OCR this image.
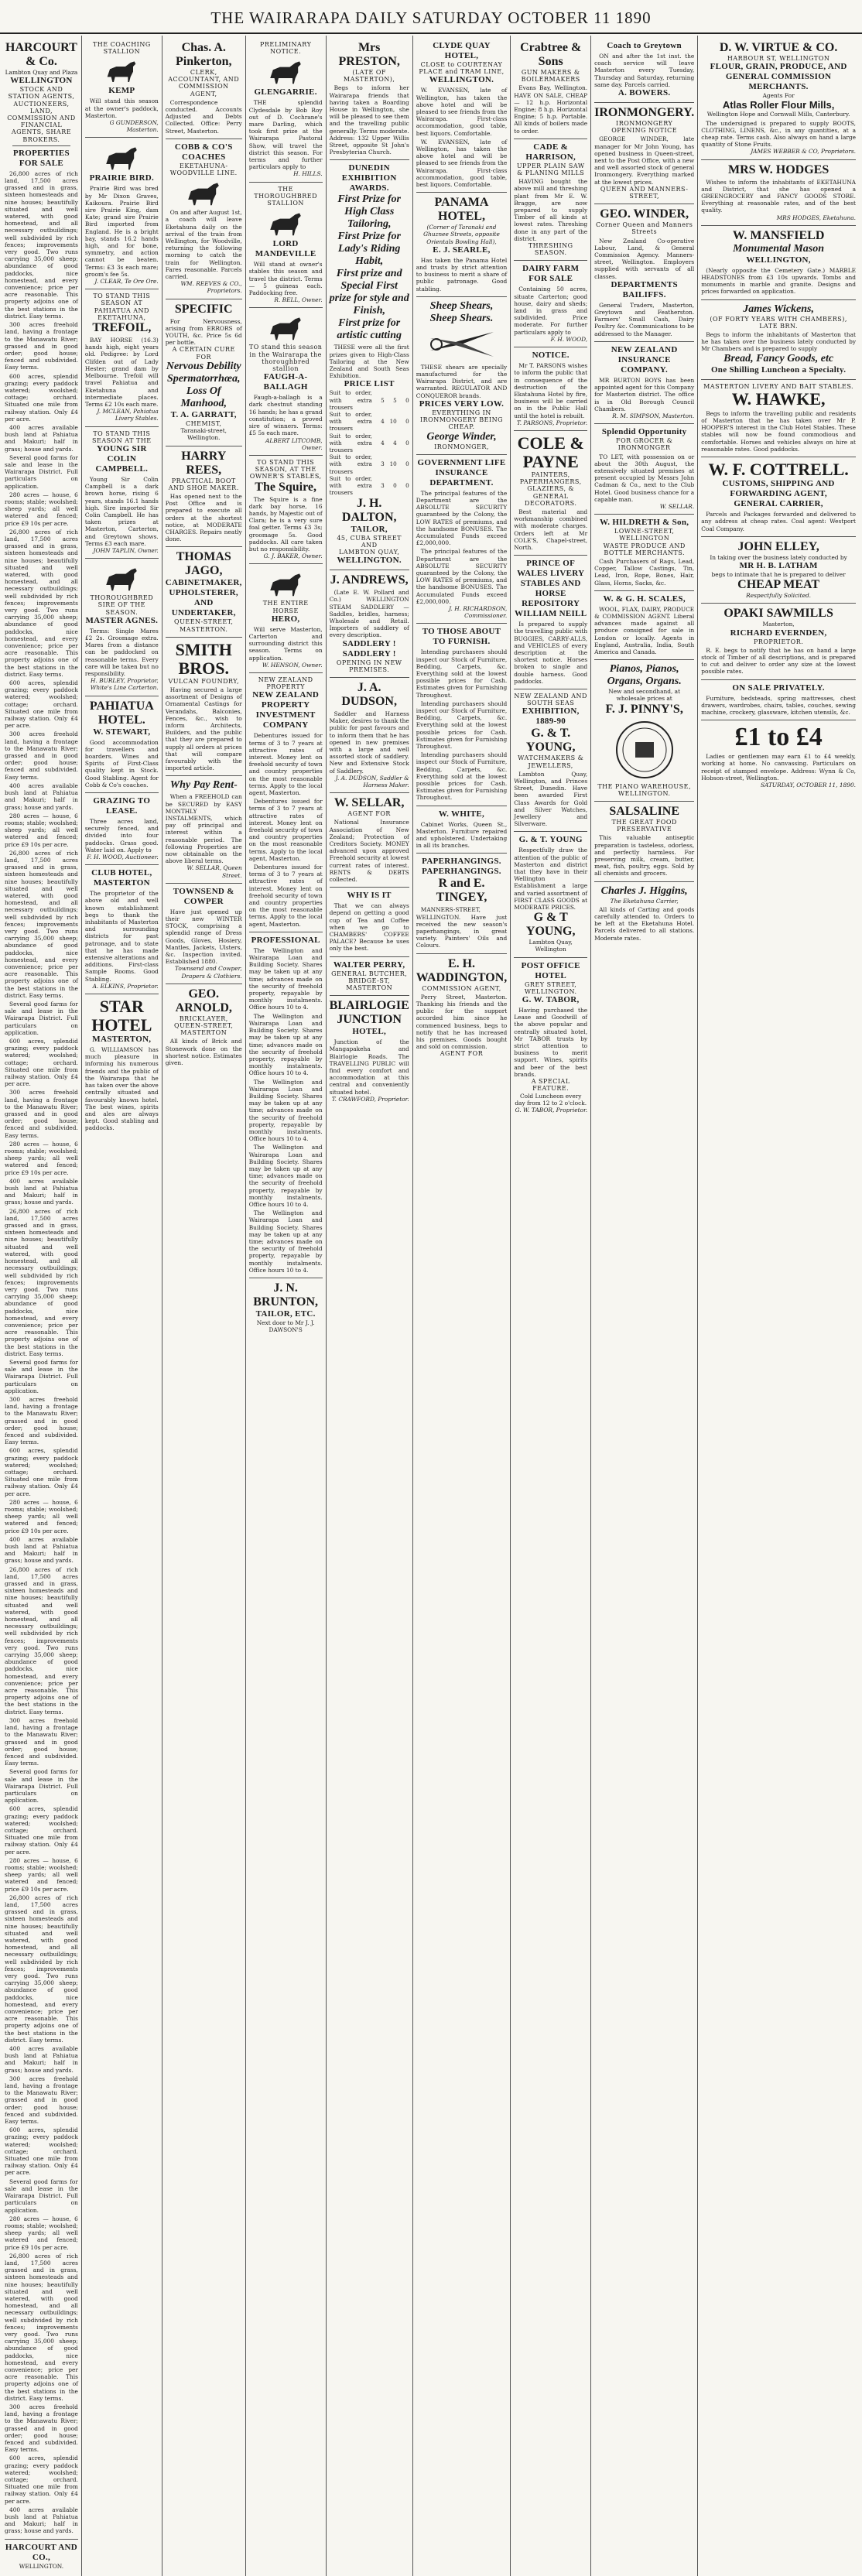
THE WAIRARAPA DAILY SATURDAY OCTOBER 11 1890
HARCOURT & Co.
Lambton Quay and Plaza
WELLINGTON
STOCK AND STATION AGENTS, AUCTIONEERS,
LAND, COMMISSION AND FINANCIAL AGENTS, SHARE BROKERS.
PROPERTIES FOR SALE
26,800 acres of rich land, 17,500 acres grassed and in grass, sixteen homesteads and nine houses; beautifully situated and well watered, with good homestead, and all necessary outbuildings; well subdivided by rich fences; improvements very good. Two runs carrying 35,000 sheep; abundance of good paddocks, nice homestead, and every convenience; price per acre reasonable. This property adjoins one of the best stations in the district. Easy terms.
300 acres freehold land, having a frontage to the Manawatu River; grassed and in good order; good house; fenced and subdivided. Easy terms.
600 acres, splendid grazing; every paddock watered; woolshed; cottage; orchard. Situated one mile from railway station. Only £4 per acre.
400 acres available bush land at Pahiatua and Makuri; half in grass; house and yards.
Several good farms for sale and lease in the Wairarapa District. Full particulars on application.
280 acres — house, 6 rooms; stable; woolshed; sheep yards; all well watered and fenced; price £9 10s per acre.
26,800 acres of rich land, 17,500 acres grassed and in grass, sixteen homesteads and nine houses; beautifully situated and well watered, with good homestead, and all necessary outbuildings; well subdivided by rich fences; improvements very good. Two runs carrying 35,000 sheep; abundance of good paddocks, nice homestead, and every convenience; price per acre reasonable. This property adjoins one of the best stations in the district. Easy terms.
600 acres, splendid grazing; every paddock watered; woolshed; cottage; orchard. Situated one mile from railway station. Only £4 per acre.
300 acres freehold land, having a frontage to the Manawatu River; grassed and in good order; good house; fenced and subdivided. Easy terms.
400 acres available bush land at Pahiatua and Makuri; half in grass; house and yards.
280 acres — house, 6 rooms; stable; woolshed; sheep yards; all well watered and fenced; price £9 10s per acre.
26,800 acres of rich land, 17,500 acres grassed and in grass, sixteen homesteads and nine houses; beautifully situated and well watered, with good homestead, and all necessary outbuildings; well subdivided by rich fences; improvements very good. Two runs carrying 35,000 sheep; abundance of good paddocks, nice homestead, and every convenience; price per acre reasonable. This property adjoins one of the best stations in the district. Easy terms.
Several good farms for sale and lease in the Wairarapa District. Full particulars on application.
600 acres, splendid grazing; every paddock watered; woolshed; cottage; orchard. Situated one mile from railway station. Only £4 per acre.
300 acres freehold land, having a frontage to the Manawatu River; grassed and in good order; good house; fenced and subdivided. Easy terms.
280 acres — house, 6 rooms; stable; woolshed; sheep yards; all well watered and fenced; price £9 10s per acre.
400 acres available bush land at Pahiatua and Makuri; half in grass; house and yards.
26,800 acres of rich land, 17,500 acres grassed and in grass, sixteen homesteads and nine houses; beautifully situated and well watered, with good homestead, and all necessary outbuildings; well subdivided by rich fences; improvements very good. Two runs carrying 35,000 sheep; abundance of good paddocks, nice homestead, and every convenience; price per acre reasonable. This property adjoins one of the best stations in the district. Easy terms.
Several good farms for sale and lease in the Wairarapa District. Full particulars on application.
300 acres freehold land, having a frontage to the Manawatu River; grassed and in good order; good house; fenced and subdivided. Easy terms.
600 acres, splendid grazing; every paddock watered; woolshed; cottage; orchard. Situated one mile from railway station. Only £4 per acre.
280 acres — house, 6 rooms; stable; woolshed; sheep yards; all well watered and fenced; price £9 10s per acre.
400 acres available bush land at Pahiatua and Makuri; half in grass; house and yards.
26,800 acres of rich land, 17,500 acres grassed and in grass, sixteen homesteads and nine houses; beautifully situated and well watered, with good homestead, and all necessary outbuildings; well subdivided by rich fences; improvements very good. Two runs carrying 35,000 sheep; abundance of good paddocks, nice homestead, and every convenience; price per acre reasonable. This property adjoins one of the best stations in the district. Easy terms.
300 acres freehold land, having a frontage to the Manawatu River; grassed and in good order; good house; fenced and subdivided. Easy terms.
Several good farms for sale and lease in the Wairarapa District. Full particulars on application.
600 acres, splendid grazing; every paddock watered; woolshed; cottage; orchard. Situated one mile from railway station. Only £4 per acre.
280 acres — house, 6 rooms; stable; woolshed; sheep yards; all well watered and fenced; price £9 10s per acre.
26,800 acres of rich land, 17,500 acres grassed and in grass, sixteen homesteads and nine houses; beautifully situated and well watered, with good homestead, and all necessary outbuildings; well subdivided by rich fences; improvements very good. Two runs carrying 35,000 sheep; abundance of good paddocks, nice homestead, and every convenience; price per acre reasonable. This property adjoins one of the best stations in the district. Easy terms.
400 acres available bush land at Pahiatua and Makuri; half in grass; house and yards.
300 acres freehold land, having a frontage to the Manawatu River; grassed and in good order; good house; fenced and subdivided. Easy terms.
600 acres, splendid grazing; every paddock watered; woolshed; cottage; orchard. Situated one mile from railway station. Only £4 per acre.
Several good farms for sale and lease in the Wairarapa District. Full particulars on application.
280 acres — house, 6 rooms; stable; woolshed; sheep yards; all well watered and fenced; price £9 10s per acre.
26,800 acres of rich land, 17,500 acres grassed and in grass, sixteen homesteads and nine houses; beautifully situated and well watered, with good homestead, and all necessary outbuildings; well subdivided by rich fences; improvements very good. Two runs carrying 35,000 sheep; abundance of good paddocks, nice homestead, and every convenience; price per acre reasonable. This property adjoins one of the best stations in the district. Easy terms.
300 acres freehold land, having a frontage to the Manawatu River; grassed and in good order; good house; fenced and subdivided. Easy terms.
600 acres, splendid grazing; every paddock watered; woolshed; cottage; orchard. Situated one mile from railway station. Only £4 per acre.
400 acres available bush land at Pahiatua and Makuri; half in grass; house and yards.
HARCOURT AND CO.,
WELLINGTON.
THE COACHING STALLION
KEMP
Will stand this season at the owner's paddock, Masterton.
G GUNDERSON, Masterton.
PRAIRIE BIRD.
Prairie Bird was bred by Mr Dixon Graves, Kaikoura. Prairie Bird sire Prairie King, dam Kate; grand sire Prairie Bird imported from England. He is a bright bay, stands 16.2 hands high, and for bone, symmetry, and action cannot be beaten. Terms: £3 3s each mare; groom's fee 5s.
J. CLEAR, Te Ore Ore.
TO STAND THIS SEASON AT PAHIATUA AND EKETAHUNA,
TREFOIL,
BAY HORSE (16.3) hands high, eight years old. Pedigree: by Lord Clifden out of Lady Hester; grand dam by Melbourne. Trefoil will travel Pahiatua and Eketahuna and intermediate places. Terms £2 10s each mare.
J. MCLEAN, Pahiatua Livery Stables.
TO STAND THIS SEASON AT THE
YOUNG SIR COLIN CAMPBELL.
Young Sir Colin Campbell is a dark brown horse, rising 6 years, stands 16.1 hands high. Sire imported Sir Colin Campbell. He has taken prizes at Masterton, Carterton, and Greytown shows. Terms £3 each mare.
JOHN TAPLIN, Owner.
THOROUGHBRED SIRE OF THE SEASON.
MASTER AGNES.
Terms: Single Mares £2 2s. Groomage extra. Mares from a distance can be paddocked on reasonable terms. Every care will be taken but no responsibility.
H. BURLEY, Proprietor, White's Line Carterton.
PAHIATUA HOTEL.
W. STEWART,
Good accommodation for travellers and boarders. Wines and Spirits of First-Class quality kept in Stock. Good Stabling. Agent for Cobb & Co's coaches.
GRAZING TO LEASE.
Three acres land, securely fenced, and divided into four paddocks. Grass good. Water laid on. Apply to
F. H. WOOD, Auctioneer.
CLUB HOTEL, MASTERTON
The proprietor of the above old and well known establishment begs to thank the inhabitants of Masterton and surrounding districts for past patronage, and to state that he has made extensive alterations and additions. First-class Sample Rooms. Good Stabling.
A. ELKINS, Proprietor.
STAR HOTEL
MASTERTON,
G. WILLIAMSON has much pleasure in informing his numerous friends and the public of the Wairarapa that he has taken over the above centrally situated and favourably known hotel. The best wines, spirits and ales are always kept. Good stabling and paddocks.
Chas. A. Pinkerton,
CLERK, ACCOUNTANT, AND COMMISSION AGENT,
Correspondence conducted. Accounts Adjusted and Debts Collected. Office: Perry Street, Masterton.
COBB & CO'S COACHES
EKETAHUNA-WOODVILLE LINE.
On and after August 1st, a coach will leave Eketahuna daily on the arrival of the train from Wellington, for Woodville, returning the following morning to catch the train for Wellington. Fares reasonable. Parcels carried.
WM. REEVES & CO., Proprietors.
SPECIFIC
For Nervousness, arising from ERRORS of YOUTH, &c. Price 5s 6d per bottle.
A CERTAIN CURE FOR
Nervous Debility
Spermatorrhœa,
Loss Of Manhood,
T. A. GARRATT,
CHEMIST,
Taranaki-street, Wellington.
HARRY REES,
PRACTICAL BOOT AND SHOE MAKER.
Has opened next to the Post Office and is prepared to execute all orders at the shortest notice, at MODERATE CHARGES. Repairs neatly done.
THOMAS JAGO,
CABINETMAKER,
UPHOLSTERER,
AND UNDERTAKER,
QUEEN-STREET, MASTERTON.
SMITH BROS.
VULCAN FOUNDRY,
Having secured a large assortment of Designs of Ornamental Castings for Verandahs, Balconies, Fences, &c., wish to inform Architects, Builders, and the public that they are prepared to supply all orders at prices that will compare favourably with the imported article.
Why Pay Rent-
When a FREEHOLD can be SECURED by EASY MONTHLY INSTALMENTS, which pay off principal and interest within a reasonable period. The following Properties are now obtainable on the above liberal terms.
W. SELLAR, Queen Street.
TOWNSEND & COWPER
Have just opened up their new WINTER STOCK, comprising a splendid range of Dress Goods, Gloves, Hosiery, Mantles, Jackets, Ulsters, &c. Inspection invited. Established 1880.
Townsend and Cowper, Drapers & Clothiers.
GEO. ARNOLD,
BRICKLAYER,
QUEEN-STREET, MASTERTON
All kinds of Brick and Stonework done on the shortest notice. Estimates given.
PRELIMINARY NOTICE.
GLENGARRIE.
THE splendid Clydesdale by Bob Roy out of D. Cochrane's mare Darling, which took first prize at the Wairarapa Pastoral Show, will travel the district this season. For terms and further particulars apply to
H. HILLS.
THE THOROUGHBRED STALLION
LORD MANDEVILLE
Will stand at owner's stables this season and travel the district. Terms — 5 guineas each. Paddocking free.
R. BELL, Owner.
TO stand this season in the Wairarapa the thoroughbred stallion
FAUGH-A-BALLAGH
Faugh-a-ballagh is a dark chestnut standing 16 hands; he has a grand constitution; a proved sire of winners. Terms: £5 5s each mare.
ALBERT LITCOMB, Owner.
TO STAND THIS SEASON, AT THE OWNER'S STABLES,
The Squire,
The Squire is a fine dark bay horse, 16 hands, by Majestic out of Clara; he is a very sure foal getter. Terms £3 3s; groomage 5s. Good paddocks. All care taken but no responsibility.
G. J. BAKER, Owner.
THE ENTIRE HORSE
HERO,
Will serve Masterton, Carterton and surrounding district this season. Terms on application.
W. HENSON, Owner.
NEW ZEALAND PROPERTY
NEW ZEALAND PROPERTY INVESTMENT COMPANY
Debentures issued for terms of 3 to 7 years at attractive rates of interest. Money lent on freehold security of town and country properties on the most reasonable terms. Apply to the local agent, Masterton.
Debentures issued for terms of 3 to 7 years at attractive rates of interest. Money lent on freehold security of town and country properties on the most reasonable terms. Apply to the local agent, Masterton.
Debentures issued for terms of 3 to 7 years at attractive rates of interest. Money lent on freehold security of town and country properties on the most reasonable terms. Apply to the local agent, Masterton.
PROFESSIONAL
The Wellington and Wairarapa Loan and Building Society. Shares may be taken up at any time; advances made on the security of freehold property, repayable by monthly instalments. Office hours 10 to 4.
The Wellington and Wairarapa Loan and Building Society. Shares may be taken up at any time; advances made on the security of freehold property, repayable by monthly instalments. Office hours 10 to 4.
The Wellington and Wairarapa Loan and Building Society. Shares may be taken up at any time; advances made on the security of freehold property, repayable by monthly instalments. Office hours 10 to 4.
The Wellington and Wairarapa Loan and Building Society. Shares may be taken up at any time; advances made on the security of freehold property, repayable by monthly instalments. Office hours 10 to 4.
The Wellington and Wairarapa Loan and Building Society. Shares may be taken up at any time; advances made on the security of freehold property, repayable by monthly instalments. Office hours 10 to 4.
J. N. BRUNTON,
TAILOR, ETC.
Next door to Mr J. J. DAWSON'S
Mrs PRESTON,
(LATE OF MASTERTON),
Begs to inform her Wairarapa friends that having taken a Boarding House in Wellington, she will be pleased to see them and the travelling public generally. Terms moderate. Address: 132 Upper Willis Street, opposite St John's Presbyterian Church.
DUNEDIN EXHIBITION
AWARDS.
First Prize for High Class
Tailoring,
First Prize for Lady's Riding
Habit,
First prize and Special First
prize for style and Finish,
First prize for artistic cutting
THESE were all the first prizes given to High-Class Tailoring at the New Zealand and South Seas Exhibition.
PRICE LIST
Suit to order, with extra trousers	5	5	0
Suit to order, with extra trousers	4	10	0
Suit to order, with extra trousers	4	4	0
Suit to order, with extra trousers	3	10	0
Suit to order, with extra trousers	3	0	0
J. H. DALTON,
TAILOR,
45, CUBA STREET
AND
LAMBTON QUAY,
WELLINGTON.
J. ANDREWS,
(Late E. W. Pollard and Co.) WELLINGTON STEAM SADDLERY — Saddles, bridles, harness; Wholesale and Retail. Importers of saddlery of every description.
SADDLERY ! SADDLERY !
OPENING IN NEW PREMISES.
J. A. DUDSON,
Saddler and Harness Maker, desires to thank the public for past favours and to inform them that he has opened in new premises with a large and well assorted stock of saddlery. New and Extensive Stock of Saddlery.
J. A. DUDSON, Saddler & Harness Maker.
W. SELLAR,
AGENT FOR
National Insurance Association of New Zealand; Protection of Creditors Society. MONEY advanced upon approved Freehold security at lowest current rates of interest. RENTS & DEBTS collected.
WHY IS IT
That we can always depend on getting a good cup of Tea and Coffee when we go to CHAMBERS' COFFEE PALACE? Because he uses only the best.
WALTER PERRY,
GENERAL BUTCHER,
BRIDGE-ST, MASTERTON
BLAIRLOGIE JUNCTION
HOTEL,
Junction of the Mangapakeha and Blairlogie Roads. The TRAVELLING PUBLIC will find every comfort and accommodation at this central and conveniently situated hotel.
T. CRAWFORD, Proprietor.
CLYDE QUAY HOTEL,
CLOSE to COURTENAY PLACE and TRAM LINE,
WELLINGTON.
W. EVANSEN, late of Wellington, has taken the above hotel and will be pleased to see friends from the Wairarapa. First-class accommodation, good table, best liquors. Comfortable.
W. EVANSEN, late of Wellington, has taken the above hotel and will be pleased to see friends from the Wairarapa. First-class accommodation, good table, best liquors. Comfortable.
PANAMA HOTEL,
(Corner of Taranaki and Ghuznee Streets, opposite Orientals Bowling Hall),
E. J. SEARLE,
Has taken the Panama Hotel and trusts by strict attention to business to merit a share of public patronage. Good stabling.
Sheep Shears,
Sheep Shears.
THESE shears are specially manufactured for the Wairarapa District, and are warranted. REGULATOR AND CONQUEROR brands.
PRICES VERY LOW.
EVERYTHING IN IRONMONGERY BEING CHEAP.
George Winder,
IRONMONGER,
GOVERNMENT LIFE INSURANCE DEPARTMENT.
The principal features of the Department are the ABSOLUTE SECURITY guaranteed by the Colony, the LOW RATES of premiums, and the handsome BONUSES. The Accumulated Funds exceed £2,000,000.
The principal features of the Department are the ABSOLUTE SECURITY guaranteed by the Colony, the LOW RATES of premiums, and the handsome BONUSES. The Accumulated Funds exceed £2,000,000.
J. H. RICHARDSON, Commissioner.
TO THOSE ABOUT TO FURNISH.
Intending purchasers should inspect our Stock of Furniture, Bedding, Carpets, &c. Everything sold at the lowest possible prices for Cash. Estimates given for Furnishing Throughout.
Intending purchasers should inspect our Stock of Furniture, Bedding, Carpets, &c. Everything sold at the lowest possible prices for Cash. Estimates given for Furnishing Throughout.
Intending purchasers should inspect our Stock of Furniture, Bedding, Carpets, &c. Everything sold at the lowest possible prices for Cash. Estimates given for Furnishing Throughout.
W. WHITE,
Cabinet Works, Queen St., Masterton. Furniture repaired and upholstered. Undertaking in all its branches.
PAPERHANGINGS.
PAPERHANGINGS.
R and E. TINGEY,
MANNERS-STREET, WELLINGTON. Have just received the new season's paperhangings, in great variety. Painters' Oils and Colours.
E. H. WADDINGTON,
COMMISSION AGENT,
Perry Street, Masterton. Thanking his friends and the public for the support accorded him since he commenced business, begs to notify that he has increased his premises. Goods bought and sold on commission.
AGENT FOR
Crabtree & Sons
GUN MAKERS & BOILERMAKERS
Evans Bay, Wellington. HAVE ON SALE, CHEAP — 12 h.p. Horizontal Engine; 8 h.p. Horizontal Engine; 5 h.p. Portable. All kinds of boilers made to order.
CADE & HARRISON,
UPPER PLAIN SAW & PLANING MILLS
HAVING bought the above mill and threshing plant from Mr E. W. Bragge, are now prepared to supply Timber of all kinds at lowest rates. Threshing done in any part of the district.
THRESHING SEASON.
DAIRY FARM FOR SALE
Containing 50 acres, situate Carterton; good house, dairy and sheds; land in grass and subdivided. Price moderate. For further particulars apply to
F. H. WOOD,
NOTICE.
Mr T. PARSONS wishes to inform the public that in consequence of the destruction of the Ekatahuna Hotel by fire, business will be carried on in the Public Hall until the hotel is rebuilt.
T. PARSONS, Proprietor.
COLE &
PAYNE
PAINTERS, PAPERHANGERS, GLAZIERS, & GENERAL DECORATORS.
Best material and workmanship combined with moderate charges. Orders left at Mr COLE'S, Chapel-street, North.
PRINCE OF WALES LIVERY STABLES AND HORSE REPOSITORY
WILLIAM NEILL
Is prepared to supply the travelling public with BUGGIES, CARRY-ALLS, and VEHICLES of every description at the shortest notice. Horses broken to single and double harness. Good paddocks.
NEW ZEALAND AND SOUTH SEAS
EXHIBITION, 1889-90
G. & T. YOUNG,
WATCHMAKERS & JEWELLERS,
Lambton Quay, Wellington, and Princes Street, Dunedin. Have been awarded First Class Awards for Gold and Silver Watches, Jewellery and Silverware.
G. & T. YOUNG
Respectfully draw the attention of the public of Masterton and district that they have in their Wellington Establishment a large and varied assortment of FIRST CLASS GOODS at MODERATE PRICES.
G & T YOUNG,
Lambton Quay, Wellington
POST OFFICE HOTEL
GREY STREET, WELLINGTON.
G. W. TABOR,
Having purchased the Lease and Goodwill of the above popular and centrally situated hotel, Mr TABOR trusts by strict attention to business to merit support. Wines, spirits and beer of the best brands.
A SPECIAL FEATURE.
Cold Luncheon every day from 12 to 2 o'clock.
G. W. TABOR, Proprietor.
Coach to Greytown
ON and after the 1st inst. the coach service will leave Masterton every Tuesday, Thursday and Saturday, returning same day. Parcels carried.
A. BOWERS.
IRONMONGERY.
IRONMONGERY
OPENING NOTICE
GEORGE WINDER, late manager for Mr John Young, has opened business in Queen-street, next to the Post Office, with a new and well assorted stock of general Ironmongery. Everything marked at the lowest prices.
QUEEN AND MANNERS-STREET,
GEO. WINDER,
Corner Queen and Manners Streets
New Zealand Co-operative Labour, Land, & General Commission Agency. Manners-street, Wellington. Employers supplied with servants of all classes.
DEPARTMENTS
BAILIFFS.
General Traders, Masterton, Greytown and Featherston. Farmers' Small Cash, Dairy Poultry &c. Communications to be addressed to the Manager.
NEW ZEALAND INSURANCE COMPANY.
MR BURTON BOYS has been appointed agent for this Company for Masterton district. The office is in Old Borough Council Chambers.
R. M. SIMPSON, Masterton.
Splendid Opportunity
FOR GROCER & IRONMONGER
TO LET, with possession on or about the 30th August, the extensively situated premises at present occupied by Messrs John Cadman & Co., next to the Club Hotel. Good business chance for a capable man.
W. SELLAR.
W. HILDRETH & Son,
LOWNE-STREET, WELLINGTON
WASTE PRODUCE AND BOTTLE MERCHANTS.
Cash Purchasers of Rags, Lead, Copper, Tallow Castings, Tin, Lead, Iron, Rope, Bones, Hair, Glass, Horns, Sacks, &c.
W. & G. H. SCALES,
WOOL, FLAX, DAIRY, PRODUCE & COMMISSION AGENT. Liberal advances made against all produce consigned for sale in London or locally. Agents in England, Australia, India, South America and Canada.
Pianos, Pianos,
Organs, Organs.
New and secondhand, at wholesale prices at
F. J. PINNY'S,
THE PIANO WAREHOUSE, WELLINGTON.
SALSALINE
THE GREAT FOOD PRESERVATIVE
This valuable antiseptic preparation is tasteless, odorless, and perfectly harmless. For preserving milk, cream, butter, meat, fish, poultry, eggs. Sold by all chemists and grocers.
Charles J. Higgins,
The Eketahuna Carrier,
All kinds of Carting and goods carefully attended to. Orders to be left at the Eketahuna Hotel. Parcels delivered to all stations. Moderate rates.
D. W. VIRTUE & CO.
HARBOUR ST, WELLINGTON
FLOUR, GRAIN, PRODUCE, AND GENERAL COMMISSION MERCHANTS.
Agents For
Atlas Roller Flour Mills,
Wellington Hope and Cornwall Mills, Canterbury.
The undersigned is prepared to supply BOOTS, CLOTHING, LINENS, &c., in any quantities, at a cheap rate. Terms cash. Also always on hand a large quantity of Stone Fruits.
JAMES WEBBER & CO, Proprietors.
MRS W. HODGES
Wishes to inform the inhabitants of EKETAHUNA and District, that she has opened a GREENGROCERY and FANCY GOODS STORE. Everything at reasonable rates, and of the best quality.
MRS HODGES, Eketahuna.
W. MANSFIELD
Monumental Mason
WELLINGTON,
(Nearly opposite the Cemetery Gate.) MARBLE HEADSTONES from £3 10s upwards. Tombs and monuments in marble and granite. Designs and prices forwarded on application.
James Wickens,
(OF FORTY YEARS WITH CHAMBERS), LATE BRN.
Begs to inform the inhabitants of Masterton that he has taken over the business lately conducted by Mr Chambers and is prepared to supply
Bread, Fancy Goods, etc
One Shilling Luncheon a Specialty.
MASTERTON LIVERY AND BAIT STABLES.
W. HAWKE,
Begs to inform the travelling public and residents of Masterton that he has taken over Mr P. HOOPER'S interest in the Club Hotel Stables. These stables will now be found commodious and comfortable. Horses and vehicles always on hire at reasonable rates. Good paddocks.
W. F. COTTRELL.
CUSTOMS, SHIPPING AND FORWARDING AGENT,
GENERAL CARRIER,
Parcels and Packages forwarded and delivered to any address at cheap rates. Coal agent: Westport Coal Company.
JOHN ELLEY,
In taking over the business lately conducted by
MR H. B. LATHAM
begs to intimate that he is prepared to deliver
CHEAP MEAT
Respectfully Solicited.
OPAKI SAWMILLS
Masterton,
RICHARD EVERNDEN,
PROPRIETOR.
R. E. begs to notify that he has on hand a large stock of Timber of all descriptions, and is prepared to cut and deliver to order any size at the lowest possible rates.
ON SALE PRIVATELY.
Furniture, bedsteads, spring mattresses, chest drawers, wardrobes, chairs, tables, couches, sewing machine, crockery, glassware, kitchen utensils, &c.
£1 to £4
Ladies or gentlemen may earn £1 to £4 weekly, working at home. No canvassing. Particulars on receipt of stamped envelope. Address: Wynn & Co, Hobson-street, Wellington.
SATURDAY, OCTOBER 11, 1890.
